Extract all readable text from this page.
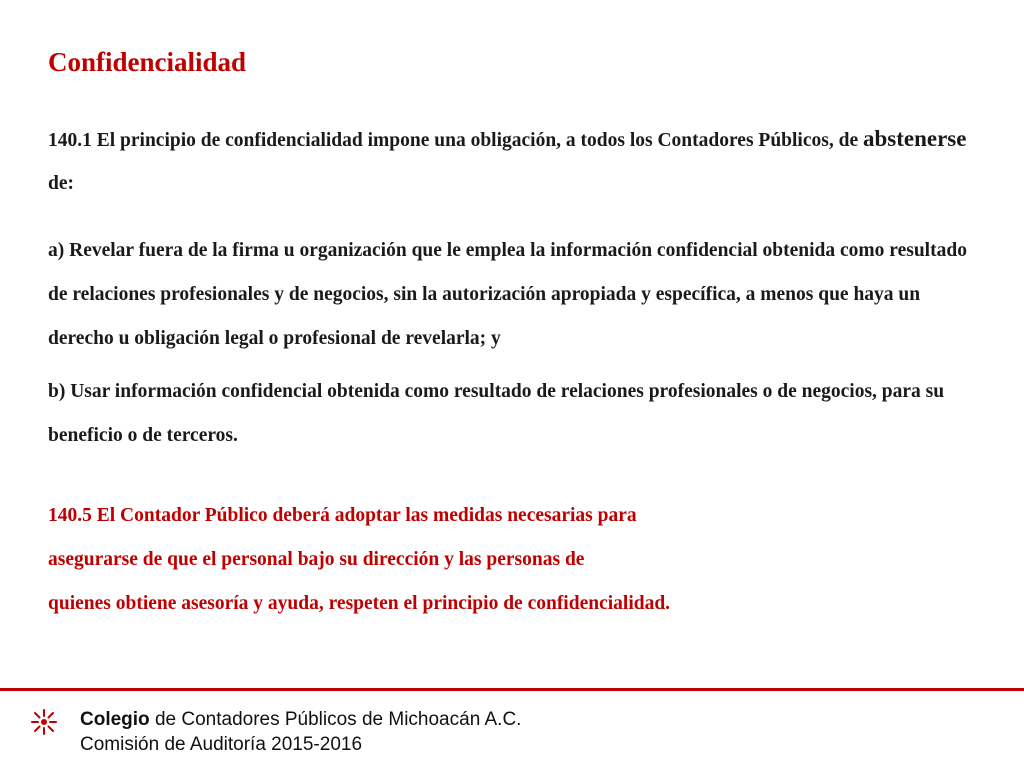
Confidencialidad

140.1 El principio de confidencialidad impone una obligación, a todos los Contadores Públicos, de abstenerse de:

a) Revelar fuera de la firma u organización que le emplea la información confidencial obtenida como resultado de relaciones profesionales y de negocios, sin la autorización apropiada y específica, a menos que haya un derecho u obligación legal o profesional de revelarla; y

b) Usar información confidencial obtenida como resultado de relaciones profesionales o de negocios, para su beneficio o de terceros.

140.5 El Contador Público deberá adoptar las medidas necesarias para
asegurarse de que el personal bajo su dirección y las personas de
quienes obtiene asesoría y ayuda, respeten el principio de confidencialidad.

Colegio de Contadores Públicos de Michoacán A.C.
Comisión de Auditoría 2015-2016
